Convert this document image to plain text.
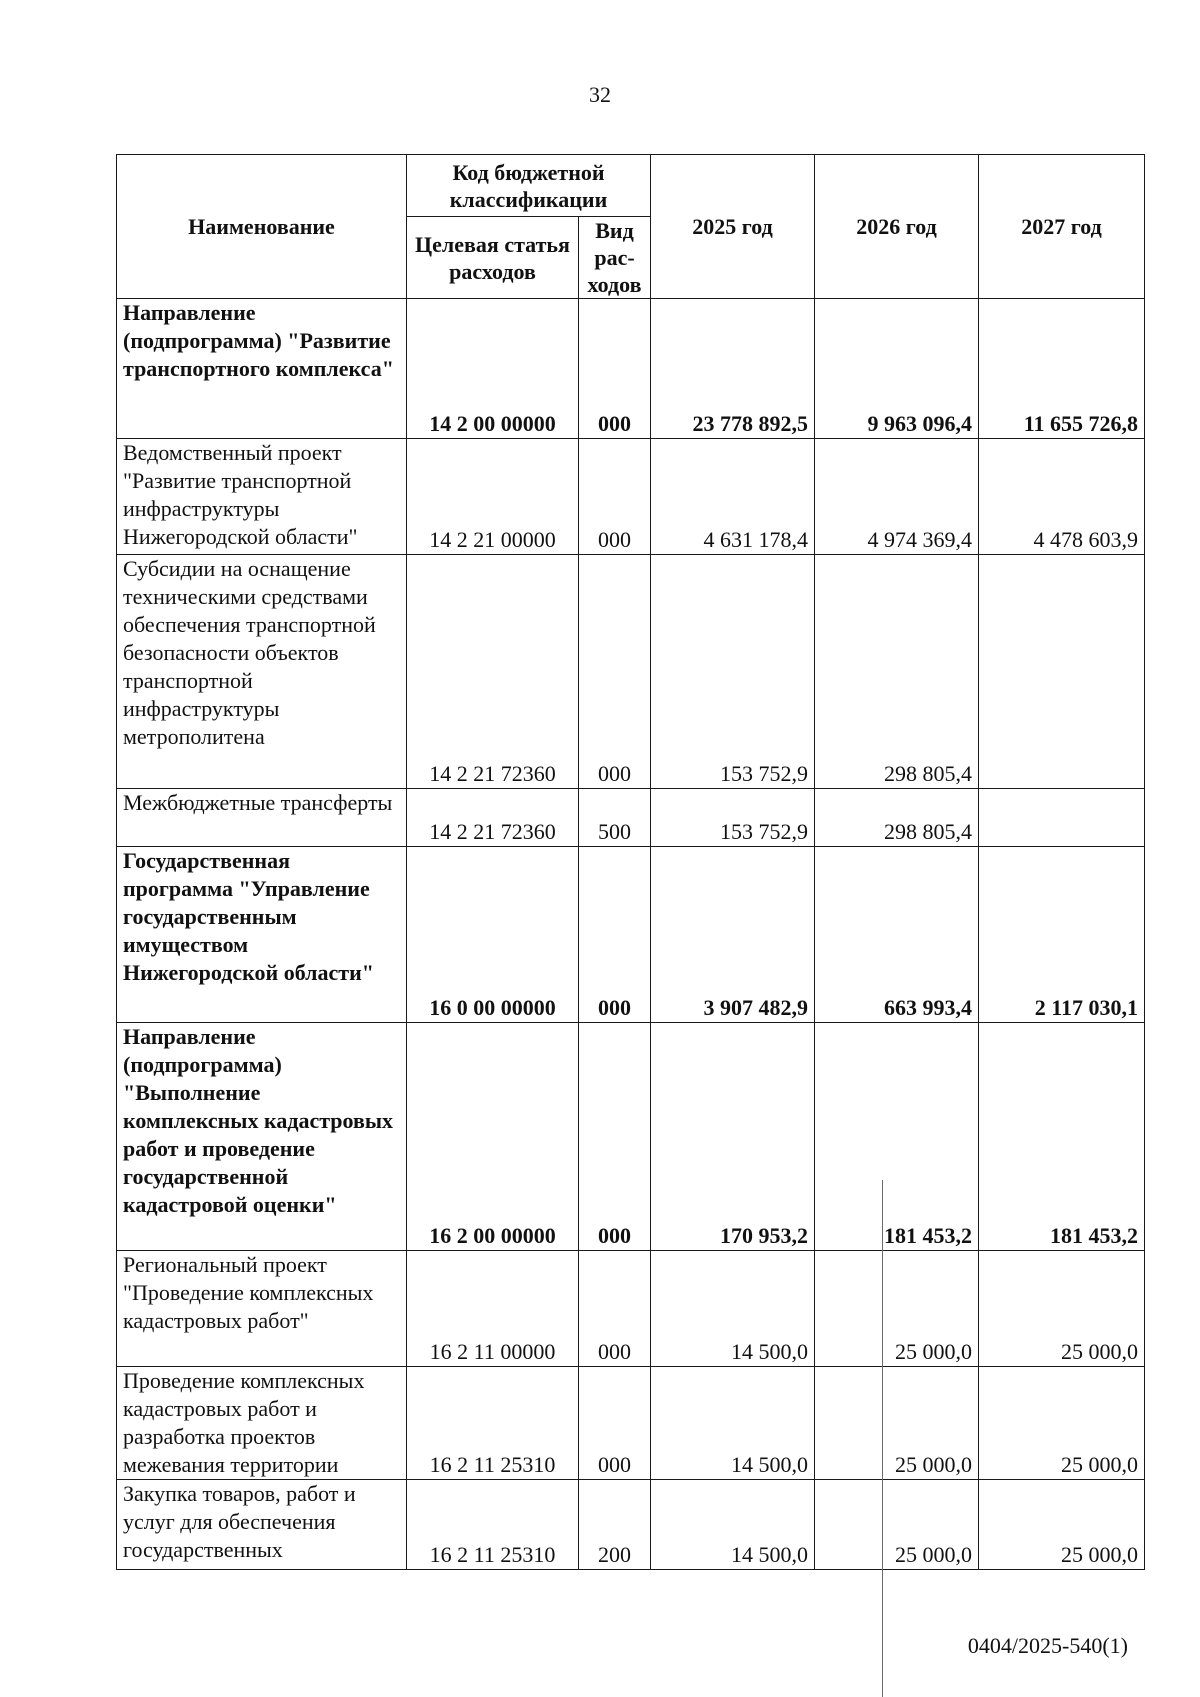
32
Наименование	Код бюджетной классификации		2025 год	2026 год	2027 год
	Целевая статья расходов	Вид рас-ходов			
Направление (подпрограмма) "Развитие транспортного комплекса"	14 2 00 00000	000	23 778 892,5	9 963 096,4	11 655 726,8
Ведомственный проект "Развитие транспортной инфраструктуры Нижегородской области"	14 2 21 00000	000	4 631 178,4	4 974 369,4	4 478 603,9
Субсидии на оснащение техническими средствами обеспечения транспортной безопасности объектов транспортной инфраструктуры метрополитена	14 2 21 72360	000	153 752,9	298 805,4	
Межбюджетные трансферты	14 2 21 72360	500	153 752,9	298 805,4	
Государственная программа "Управление государственным имуществом Нижегородской области"	16 0 00 00000	000	3 907 482,9	663 993,4	2 117 030,1
Направление (подпрограмма) "Выполнение комплексных кадастровых работ и проведение государственной кадастровой оценки"	16 2 00 00000	000	170 953,2	181 453,2	181 453,2
Региональный проект "Проведение комплексных кадастровых работ"	16 2 11 00000	000	14 500,0	25 000,0	25 000,0
Проведение комплексных кадастровых работ и разработка проектов межевания территории	16 2 11 25310	000	14 500,0	25 000,0	25 000,0
Закупка товаров, работ и услуг для обеспечения государственных	16 2 11 25310	200	14 500,0	25 000,0	25 000,0
0404/2025-540(1)
